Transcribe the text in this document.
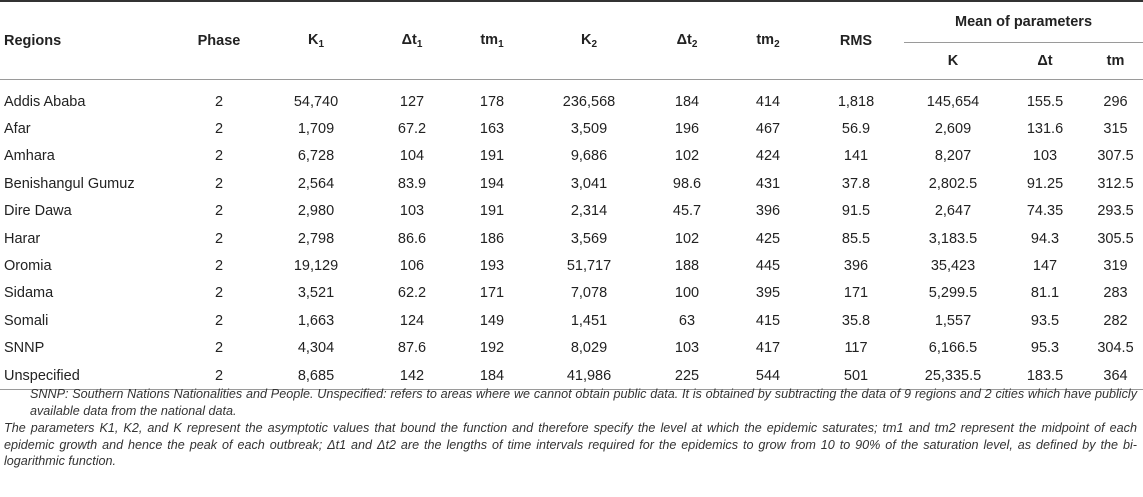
Regions	Phase	$K_1$	$\Delta t_1$	$tm_1$	$K_2$	$\Delta t_2$	$tm_2$	RMS	Mean of parameters		
									K	Δt	tm
Addis Ababa	2	54,740	127	178	236,568	184	414	1,818	145,654	155.5	296
Afar	2	1,709	67.2	163	3,509	196	467	56.9	2,609	131.6	315
Amhara	2	6,728	104	191	9,686	102	424	141	8,207	103	307.5
Benishangul Gumuz	2	2,564	83.9	194	3,041	98.6	431	37.8	2,802.5	91.25	312.5
Dire Dawa	2	2,980	103	191	2,314	45.7	396	91.5	2,647	74.35	293.5
Harar	2	2,798	86.6	186	3,569	102	425	85.5	3,183.5	94.3	305.5
Oromia	2	19,129	106	193	51,717	188	445	396	35,423	147	319
Sidama	2	3,521	62.2	171	7,078	100	395	171	5,299.5	81.1	283
Somali	2	1,663	124	149	1,451	63	415	35.8	1,557	93.5	282
SNNP	2	4,304	87.6	192	8,029	103	417	117	6,166.5	95.3	304.5
Unspecified	2	8,685	142	184	41,986	225	544	501	25,335.5	183.5	364

SNNP: Southern Nations Nationalities and People. Unspecified: refers to areas where we cannot obtain public data. It is obtained by subtracting the data of 9 regions and 2 cities which have publicly available data from the national data.

The parameters K1, K2, and K represent the asymptotic values that bound the function and therefore specify the level at which the epidemic saturates; tm1 and tm2 represent the midpoint of each epidemic growth and hence the peak of each outbreak; Δt1 and Δt2 are the lengths of time intervals required for the epidemics to grow from 10 to 90% of the saturation level, as defined by the bi-logarithmic function.
